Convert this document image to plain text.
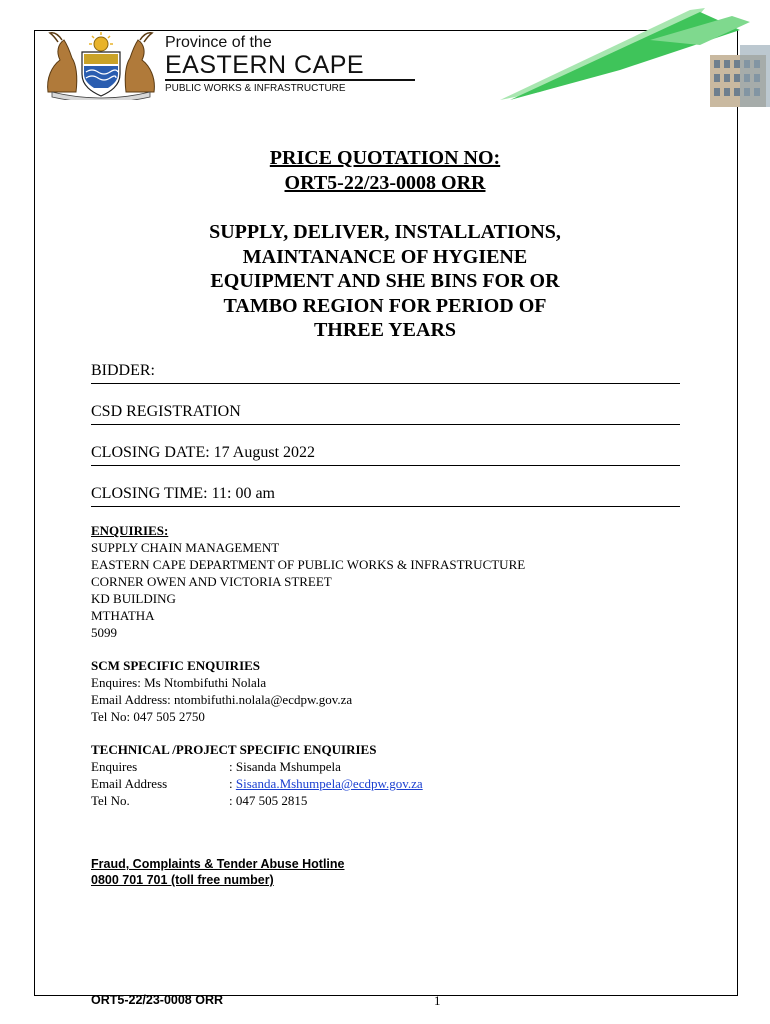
Province of the
EASTERN CAPE
PUBLIC WORKS & INFRASTRUCTURE
PRICE QUOTATION NO:
ORT5-22/23-0008 ORR
SUPPLY, DELIVER, INSTALLATIONS,
MAINTANANCE OF HYGIENE
EQUIPMENT AND SHE BINS FOR OR
TAMBO REGION FOR PERIOD OF
THREE YEARS
BIDDER:
CSD REGISTRATION
CLOSING DATE: 17 August 2022
CLOSING TIME: 11: 00 am
ENQUIRIES:
SUPPLY CHAIN MANAGEMENT
EASTERN CAPE DEPARTMENT OF PUBLIC WORKS & INFRASTRUCTURE
CORNER OWEN AND VICTORIA STREET
KD BUILDING
MTHATHA
5099
SCM SPECIFIC ENQUIRIES
Enquires: Ms Ntombifuthi Nolala
Email Address: ntombifuthi.nolala@ecdpw.gov.za
Tel No: 047 505 2750
TECHNICAL /PROJECT SPECIFIC ENQUIRIES
Enquires	: Sisanda Mshumpela
Email Address	: Sisanda.Mshumpela@ecdpw.gov.za
Tel No.	: 047 505 2815
Fraud, Complaints & Tender Abuse Hotline
0800 701 701 (toll free number)
ORT5-22/23-0008 ORR	1
